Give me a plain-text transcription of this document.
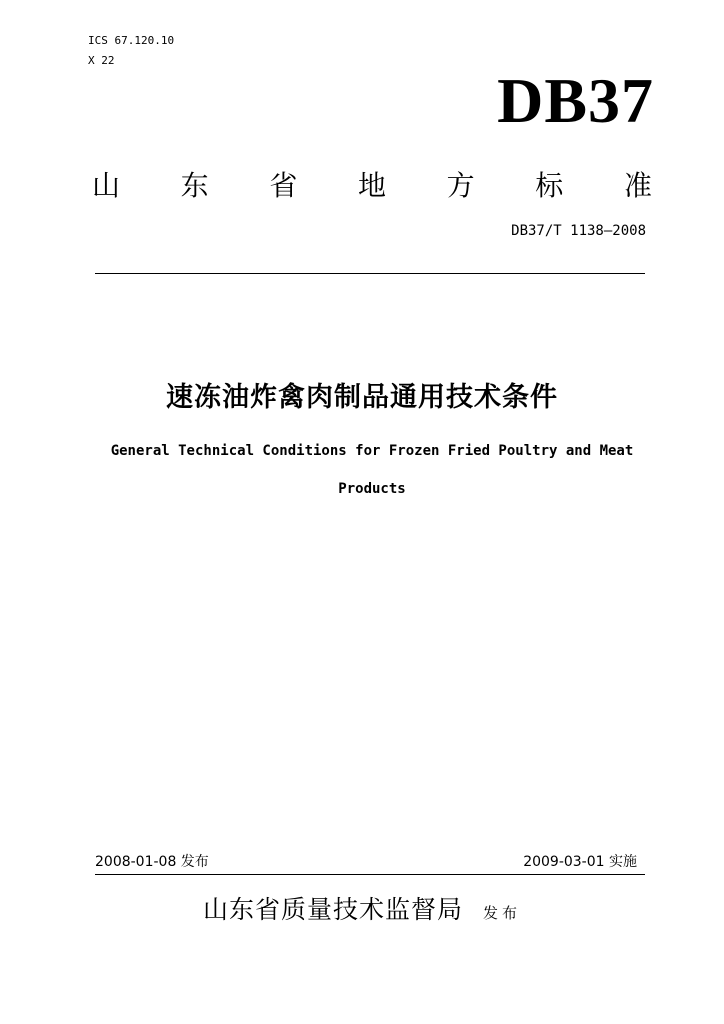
ICS 67.120.10
X 22
DB37
山 东 省 地 方 标 准
DB37/T 1138—2008
速冻油炸禽肉制品通用技术条件
General Technical Conditions for Frozen Fried Poultry and Meat Products
2008-01-08 发布	2009-03-01 实施
山东省质量技术监督局 发布
